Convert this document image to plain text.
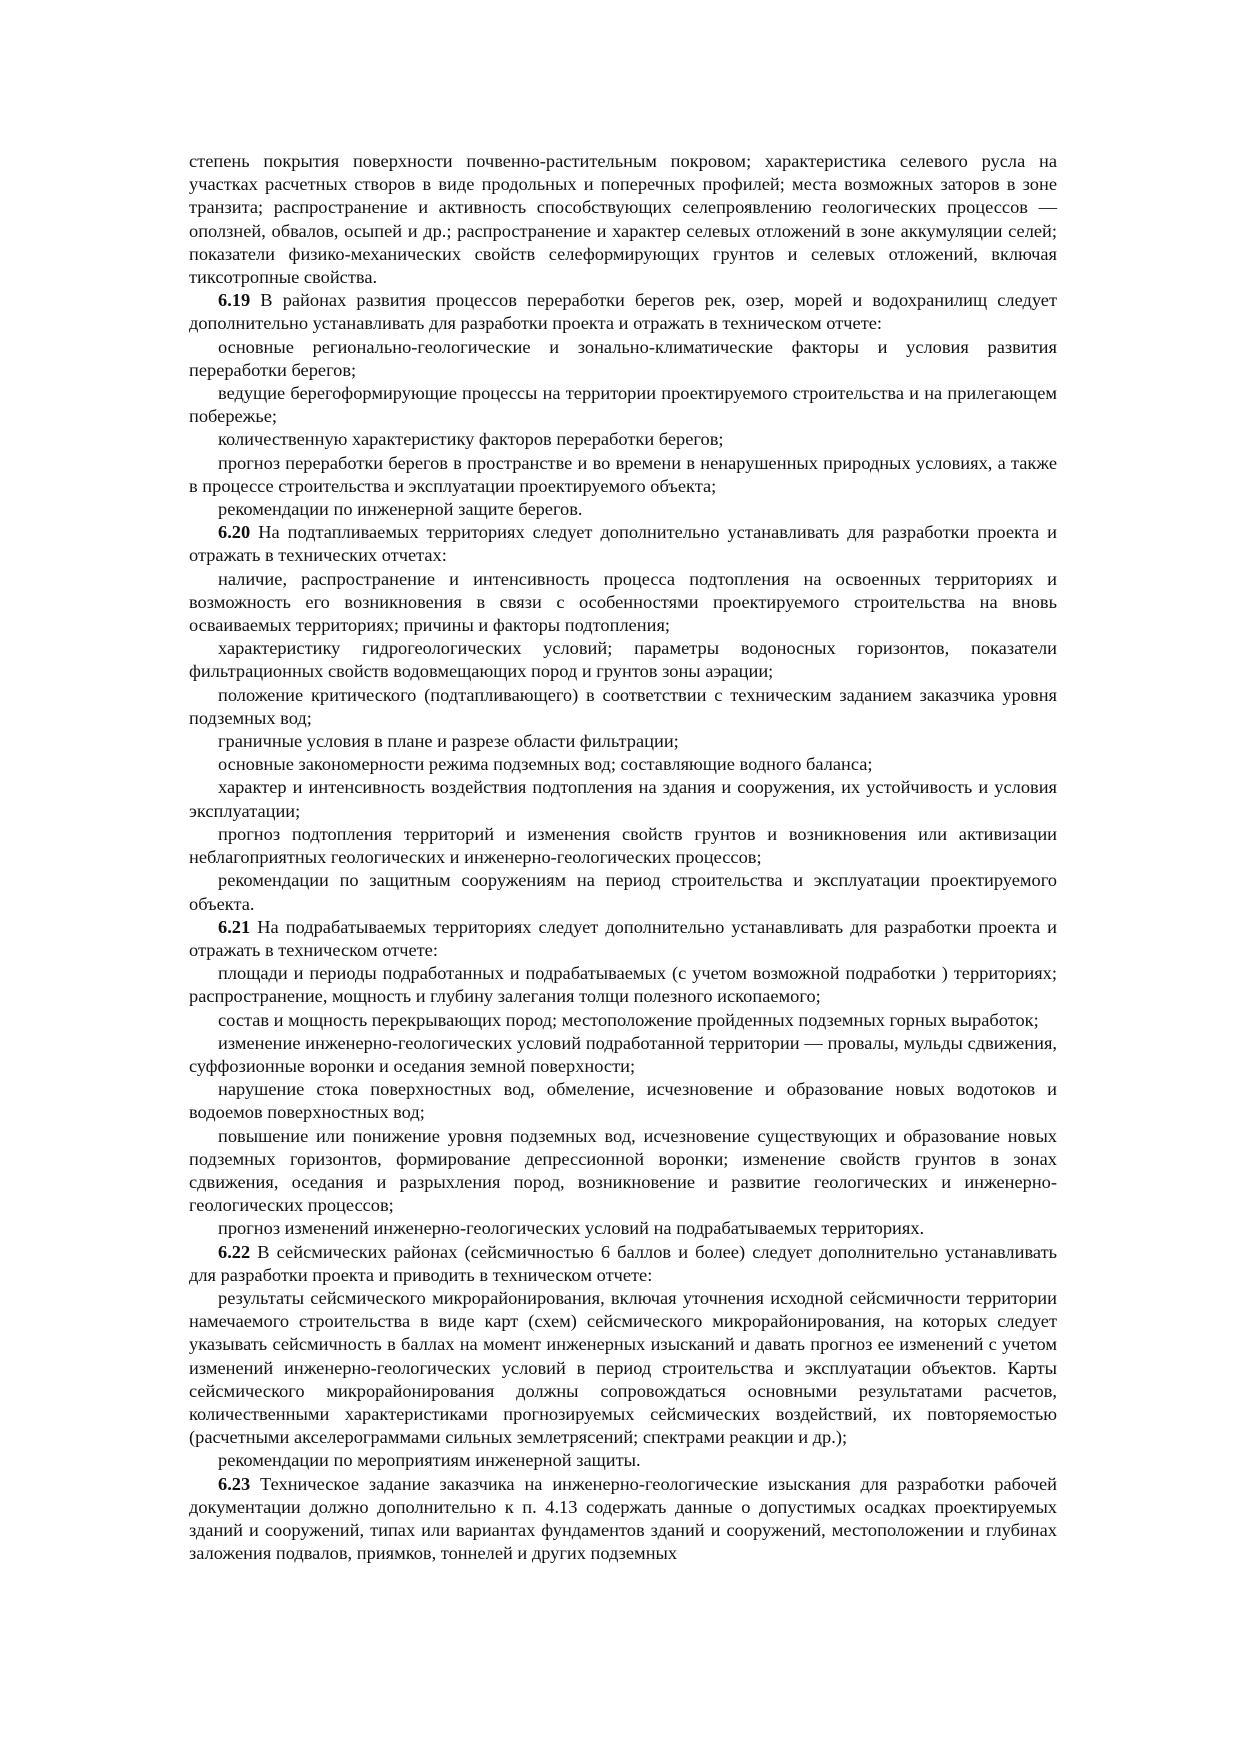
степень покрытия поверхности почвенно-растительным покровом; характеристика селевого русла на участках расчетных створов в виде продольных и поперечных профилей; места возможных заторов в зоне транзита; распространение и активность способствующих селепроявлению геологических процессов — оползней, обвалов, осыпей и др.; распространение и характер селевых отложений в зоне аккумуляции селей; показатели физико-механических свойств селеформирующих грунтов и селевых отложений, включая тиксотропные свойства.

6.19 В районах развития процессов переработки берегов рек, озер, морей и водохранилищ следует дополнительно устанавливать для разработки проекта и отражать в техническом отчете:

основные регионально-геологические и зонально-климатические факторы и условия развития переработки берегов;

ведущие берегоформирующие процессы на территории проектируемого строительства и на прилегающем побережье;

количественную характеристику факторов переработки берегов;

прогноз переработки берегов в пространстве и во времени в ненарушенных природных условиях, а также в процессе строительства и эксплуатации проектируемого объекта;

рекомендации по инженерной защите берегов.

6.20 На подтапливаемых территориях следует дополнительно устанавливать для разработки проекта и отражать в технических отчетах:

наличие, распространение и интенсивность процесса подтопления на освоенных территориях и возможность его возникновения в связи с особенностями проектируемого строительства на вновь осваиваемых территориях; причины и факторы подтопления;

характеристику гидрогеологических условий; параметры водоносных горизонтов, показатели фильтрационных свойств водовмещающих пород и грунтов зоны аэрации;

положение критического (подтапливающего) в соответствии с техническим заданием заказчика уровня подземных вод;

граничные условия в плане и разрезе области фильтрации;

основные закономерности режима подземных вод; составляющие водного баланса;

характер и интенсивность воздействия подтопления на здания и сооружения, их устойчивость и условия эксплуатации;

прогноз подтопления территорий и изменения свойств грунтов и возникновения или активизации неблагоприятных геологических и инженерно-геологических процессов;

рекомендации по защитным сооружениям на период строительства и эксплуатации проектируемого объекта.

6.21 На подрабатываемых территориях следует дополнительно устанавливать для разработки проекта и отражать в техническом отчете:

площади и периоды подработанных и подрабатываемых (с учетом возможной подработки ) территориях; распространение, мощность и глубину залегания толщи полезного ископаемого;

состав и мощность перекрывающих пород; местоположение пройденных подземных горных выработок;

изменение инженерно-геологических условий подработанной территории — провалы, мульды сдвижения, суффозионные воронки и оседания земной поверхности;

нарушение стока поверхностных вод, обмеление, исчезновение и образование новых водотоков и водоемов поверхностных вод;

повышение или понижение уровня подземных вод, исчезновение существующих и образование новых подземных горизонтов, формирование депрессионной воронки; изменение свойств грунтов в зонах сдвижения, оседания и разрыхления пород, возникновение и развитие геологических и инженерно-геологических процессов;

прогноз изменений инженерно-геологических условий на подрабатываемых территориях.

6.22 В сейсмических районах (сейсмичностью 6 баллов и более) следует дополнительно устанавливать для разработки проекта и приводить в техническом отчете:

результаты сейсмического микрорайонирования, включая уточнения исходной сейсмичности территории намечаемого строительства в виде карт (схем) сейсмического микрорайонирования, на которых следует указывать сейсмичность в баллах на момент инженерных изысканий и давать прогноз ее изменений с учетом изменений инженерно-геологических условий в период строительства и эксплуатации объектов. Карты сейсмического микрорайонирования должны сопровождаться основными результатами расчетов, количественными характеристиками прогнозируемых сейсмических воздействий, их повторяемостью (расчетными акселерограммами сильных землетрясений; спектрами реакции и др.);

рекомендации по мероприятиям инженерной защиты.

6.23 Техническое задание заказчика на инженерно-геологические изыскания для разработки рабочей документации должно дополнительно к п. 4.13 содержать данные о допустимых осадках проектируемых зданий и сооружений, типах или вариантах фундаментов зданий и сооружений, местоположении и глубинах заложения подвалов, приямков, тоннелей и других подземных
